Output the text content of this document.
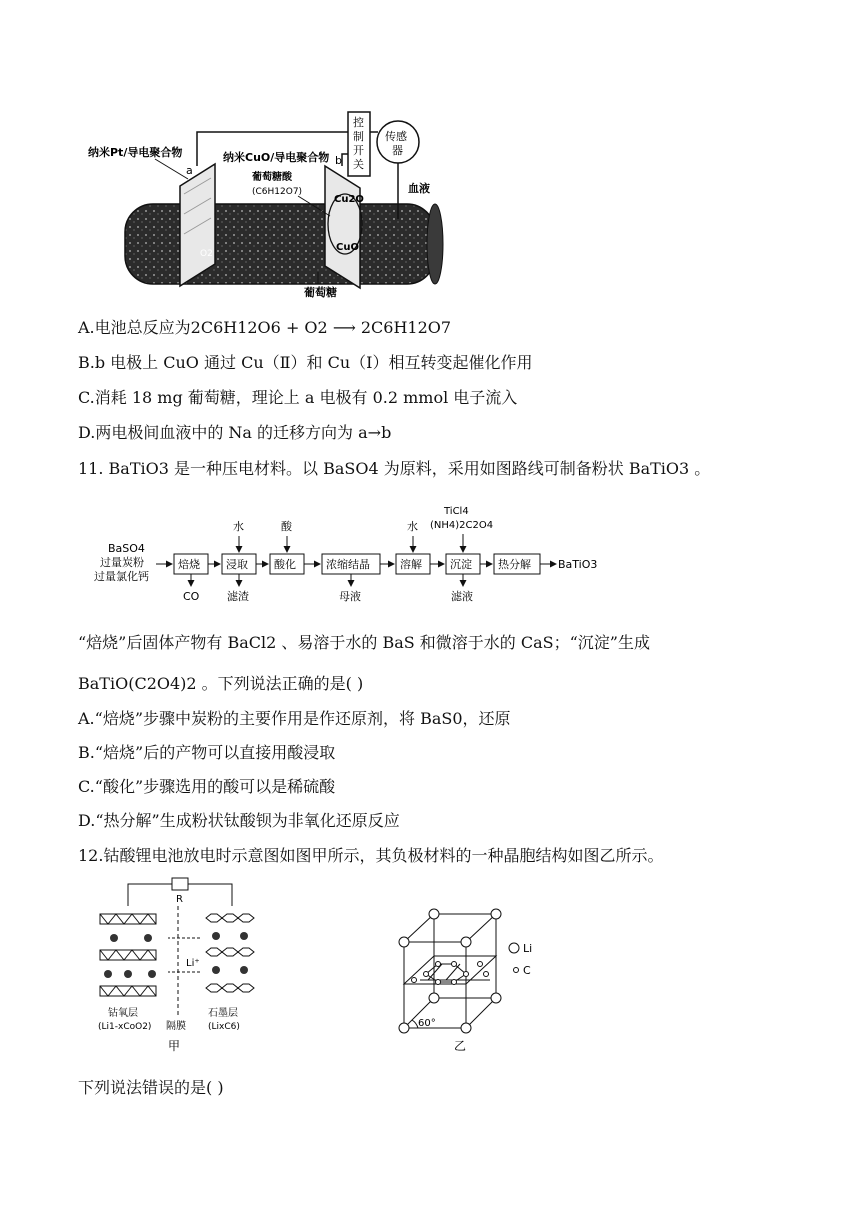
Cu2O
CuO
控
制
开
关
传感
器
纳米Pt/导电聚合物
a
纳米CuO/导电聚合物 b
葡萄糖酸
(C6H12O7)
O2
血液
葡萄糖
A.电池总反应为2C6H12O6 + O2 ⟶ 2C6H12O7
B.b 电极上 CuO 通过 Cu（Ⅱ）和 Cu（Ⅰ）相互转变起催化作用
C.消耗 18 mg 葡萄糖，理论上 a 电极有 0.2 mmol 电子流入
D.两电极间血液中的 Na 的迁移方向为 a→b
11. BaTiO3 是一种压电材料。以 BaSO4 为原料，采用如图路线可制备粉状 BaTiO3 。
BaSO4
过量炭粉
过量氯化钙
焙烧 浸取 酸化	浓缩结晶	溶解	沉淀 热分解 BaTiO3
水	酸	水
TiCl4
(NH4)2C2O4
CO	滤渣	母液	滤液
“焙烧”后固体产物有 BaCl2 、易溶于水的 BaS 和微溶于水的 CaS；“沉淀”生成
BaTiO(C2O4)2 。下列说法正确的是( )
A.“焙烧”步骤中炭粉的主要作用是作还原剂，将 BaS0，还原
B.“焙烧”后的产物可以直接用酸浸取
C.“酸化”步骤选用的酸可以是稀硫酸
D.“热分解”生成粉状钛酸钡为非氧化还原反应
12.钴酸锂电池放电时示意图如图甲所示，其负极材料的一种晶胞结构如图乙所示。
R
Li⁺
钴氧层
(Li1-xCoO2) 隔膜
石墨层
(LixC6)
甲
Li
C
60°
乙
下列说法错误的是( )
